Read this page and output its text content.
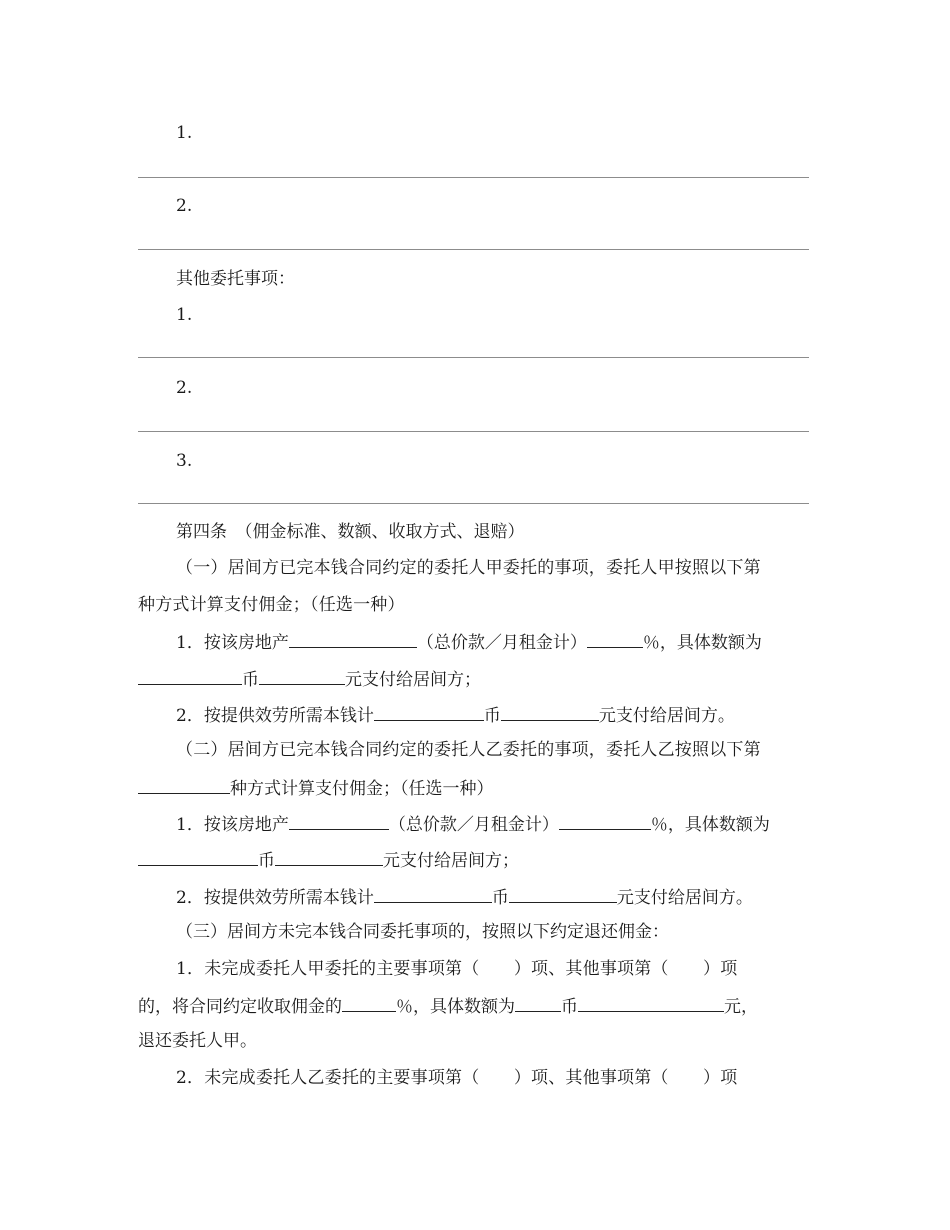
1.

2.

其他委托事项：

1.

2.

3.

第四条　（佣金标准、数额、收取方式、退赔）

（一）居间方已完本钱合同约定的委托人甲委托的事项，委托人甲按照以下第

种方式计算支付佣金；（任选一种）

1．按该房地产	（总价款／月租金计）	％，具体数额为

币	元支付给居间方；

2．按提供效劳所需本钱计	币	元支付给居间方。

（二）居间方已完本钱合同约定的委托人乙委托的事项，委托人乙按照以下第

种方式计算支付佣金；（任选一种）

1．按该房地产	（总价款／月租金计）	％，具体数额为

币	元支付给居间方；

2．按提供效劳所需本钱计	币	元支付给居间方。

（三）居间方未完本钱合同委托事项的，按照以下约定退还佣金：

1．未完成委托人甲委托的主要事项第（　　）项、其他事项第（　　）项

的，将合同约定收取佣金的	％，具体数额为	币	元，

退还委托人甲。

2．未完成委托人乙委托的主要事项第（　　）项、其他事项第（　　）项
